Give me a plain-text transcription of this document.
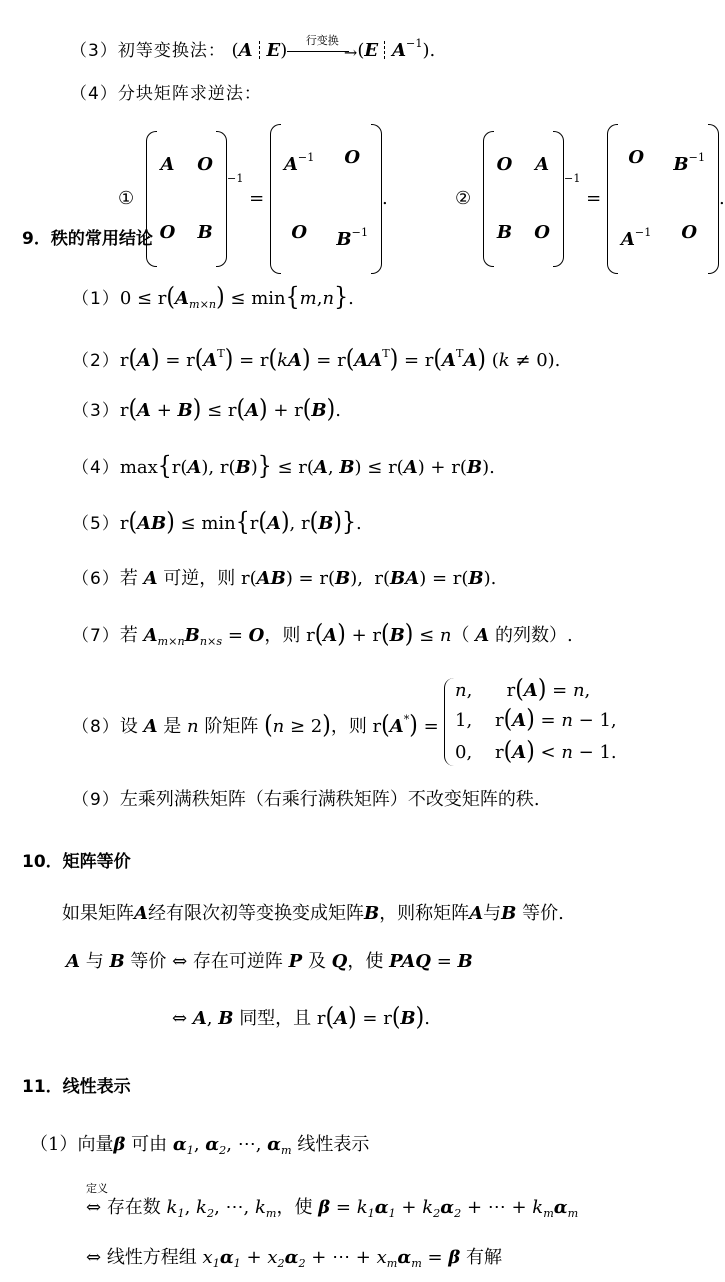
（3）初等变换法： (A E)	行变换
→ (E $A^{-1}$).
（4）分块矩阵求逆法：
①
A O
O B
$^{-1}$ =
$A^{-1}$	O
O	$B^{-1}$
.	②
O A
B O
$^{-1}$ =
O	$B^{-1}$
$A^{-1}$	O
.
9．秩的常用结论
$(1)0 \le r(A_{m\times n}) \le \min\{m,n\}$.
$(2)r(A) = r(A^T) = r(kA) = r(AA^T) = r(A^TA) (k \ne 0)$.
（3）r(A + B) ≤ r(A) + r(B).
（4）max{r(A), r(B)} ≤ r(A, B) ≤ r(A) + r(B).
（5）r(AB) ≤ min{r(A), r(B)}.
（6）若 A 可逆，则 r(AB) = r(B),  r(BA) = r(B).
（7）若 $A_{m\times n}B_{n\times s} = O$，则 r(A) + r(B) ≤ n（ A 的列数）.
（8）设 A 是 n 阶矩阵 (n ≥ 2)，则 r(A*) =
n,      r(A) = n,
1,    r(A) = n − 1,
0,    r(A) < n − 1.
（9）左乘列满秩矩阵（右乘行满秩矩阵）不改变矩阵的秩.
10．矩阵等价
如果矩阵A经有限次初等变换变成矩阵B，则称矩阵A与B 等价.
A 与 B 等价 ⇔ 存在可逆阵 P 及 Q，使 PAQ = B
⇔ A, B 同型，且 r(A) = r(B).
11．线性表示
（1）向量β 可由 $\alpha_1$, $\alpha_2$, ⋯, $\alpha_m$ 线性表示
定义
⇔ 存在数 $k_1$, $k_2$, ⋯, $k_m$，使 $\beta = k_1\alpha_1 + k_2\alpha_2$ + ⋯ + $k_m\alpha_m$
⇔ 线性方程组 $x_1\alpha_1 + x_2\alpha_2$ + ⋯ + $x_m\alpha_m = \beta$ 有解
